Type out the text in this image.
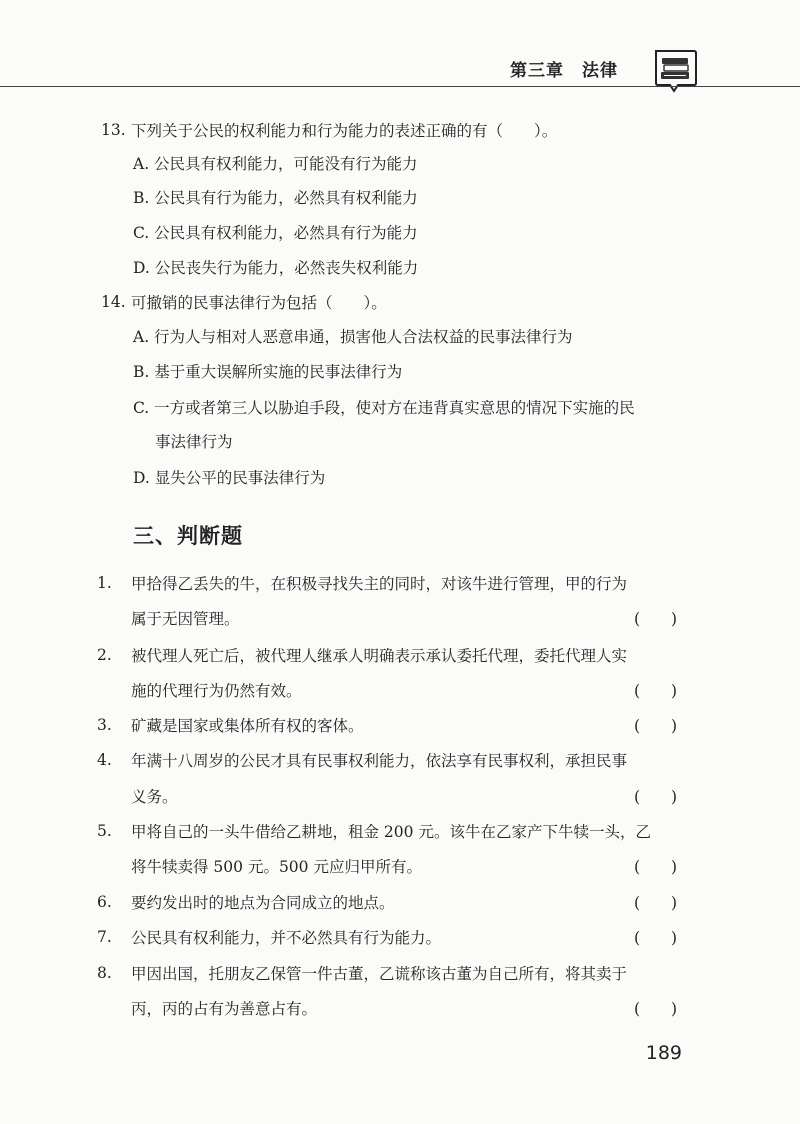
第三章　法律
13. 下列关于公民的权利能力和行为能力的表述正确的有（　　）。
A. 公民具有权利能力，可能没有行为能力
B. 公民具有行为能力，必然具有权利能力
C. 公民具有权利能力，必然具有行为能力
D. 公民丧失行为能力，必然丧失权利能力
14. 可撤销的民事法律行为包括（　　）。
A. 行为人与相对人恶意串通，损害他人合法权益的民事法律行为
B. 基于重大误解所实施的民事法律行为
C. 一方或者第三人以胁迫手段，使对方在违背真实意思的情况下实施的民
事法律行为
D. 显失公平的民事法律行为
三、判断题
1. 甲拾得乙丢失的牛，在积极寻找失主的同时，对该牛进行管理，甲的行为
属于无因管理。	(　　)
2. 被代理人死亡后，被代理人继承人明确表示承认委托代理，委托代理人实
施的代理行为仍然有效。	(　　)
3. 矿藏是国家或集体所有权的客体。	(　　)
4. 年满十八周岁的公民才具有民事权利能力，依法享有民事权利，承担民事
义务。	(　　)
5. 甲将自己的一头牛借给乙耕地，租金 200 元。该牛在乙家产下牛犊一头，乙
将牛犊卖得 500 元。500 元应归甲所有。	(　　)
6. 要约发出时的地点为合同成立的地点。	(　　)
7. 公民具有权利能力，并不必然具有行为能力。	(　　)
8. 甲因出国，托朋友乙保管一件古董，乙谎称该古董为自己所有，将其卖于
丙，丙的占有为善意占有。	(　　)
189
